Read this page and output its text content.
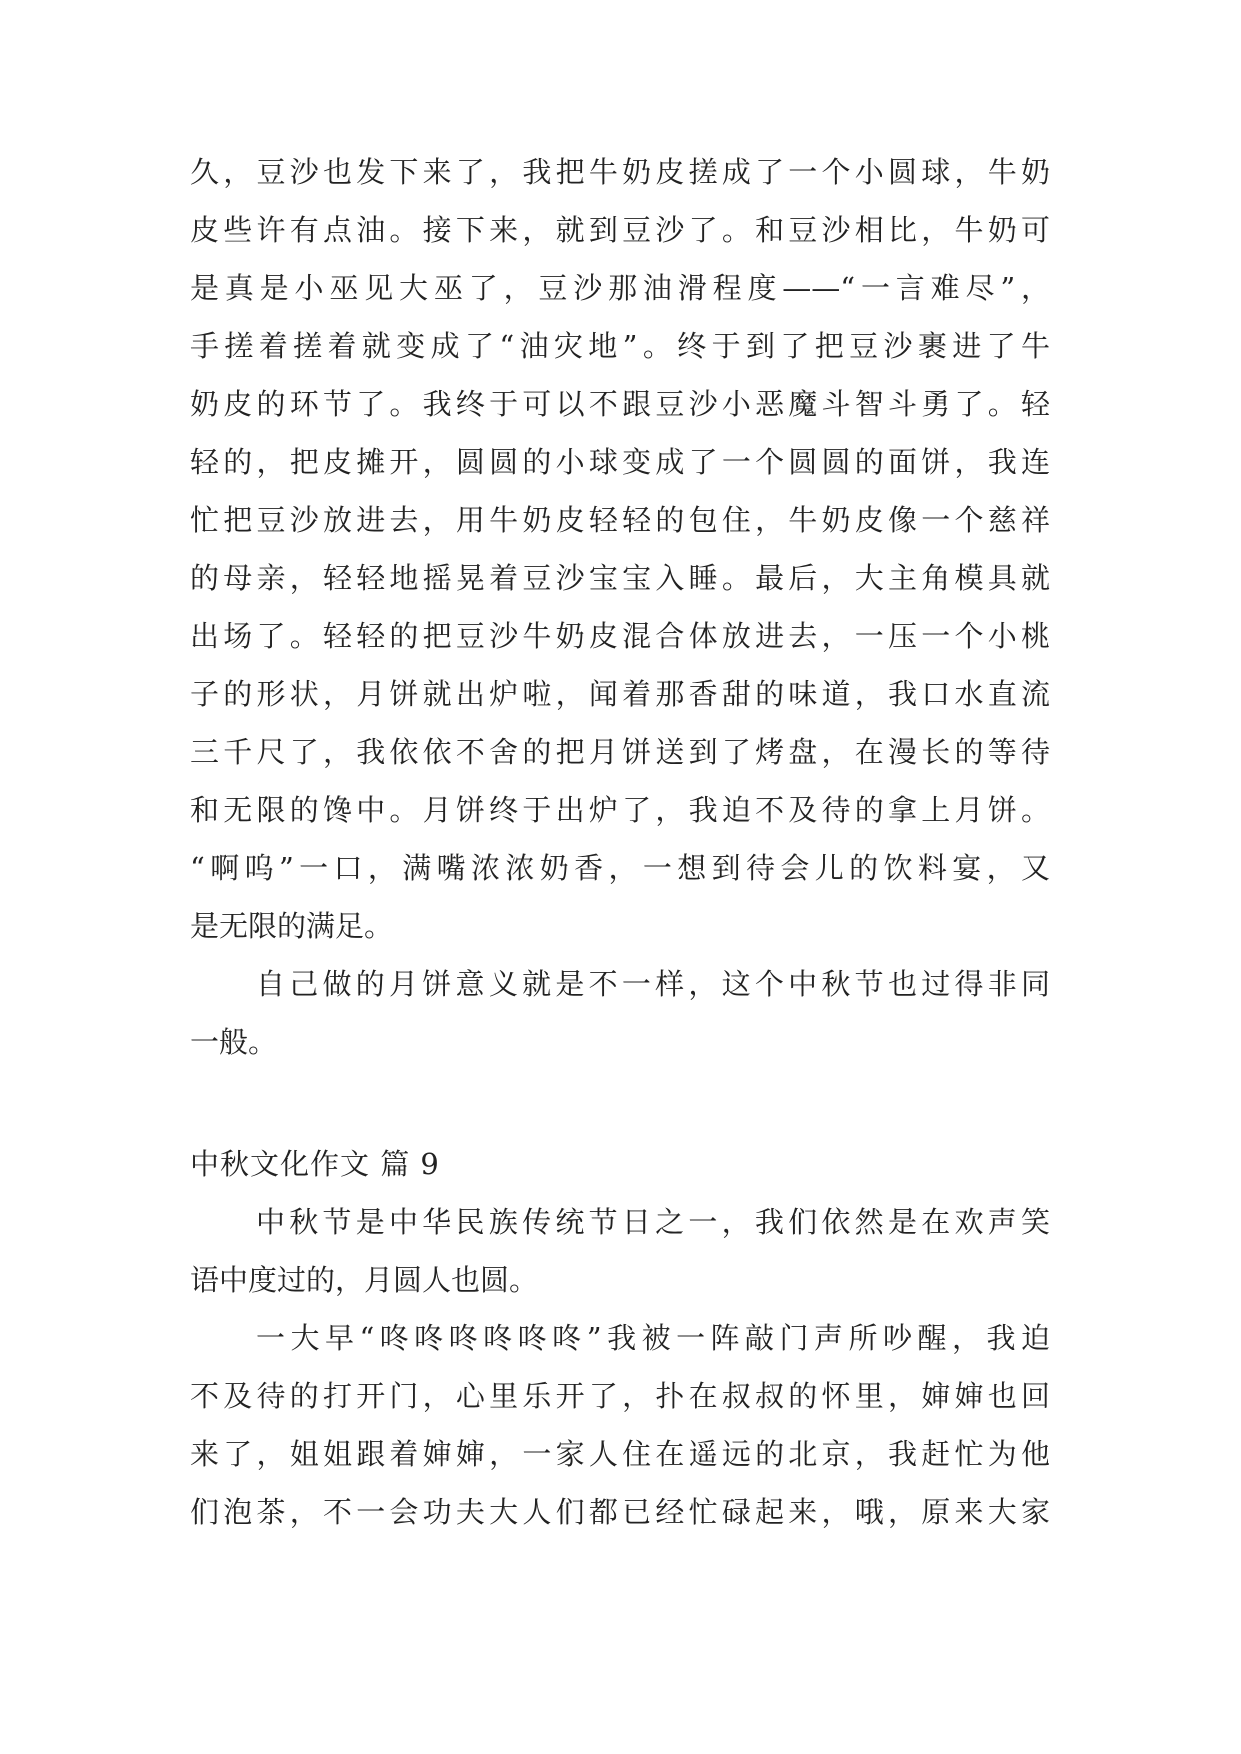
久，豆沙也发下来了，我把牛奶皮搓成了一个小圆球，牛奶
皮些许有点油。接下来，就到豆沙了。和豆沙相比，牛奶可
是真是小巫见大巫了，豆沙那油滑程度——“一言难尽”，
手搓着搓着就变成了“油灾地”。终于到了把豆沙裹进了牛
奶皮的环节了。我终于可以不跟豆沙小恶魔斗智斗勇了。轻
轻的，把皮摊开，圆圆的小球变成了一个圆圆的面饼，我连
忙把豆沙放进去，用牛奶皮轻轻的包住，牛奶皮像一个慈祥
的母亲，轻轻地摇晃着豆沙宝宝入睡。最后，大主角模具就
出场了。轻轻的把豆沙牛奶皮混合体放进去，一压一个小桃
子的形状，月饼就出炉啦，闻着那香甜的味道，我口水直流
三千尺了，我依依不舍的把月饼送到了烤盘，在漫长的等待
和无限的馋中。月饼终于出炉了，我迫不及待的拿上月饼。
“啊呜”一口，满嘴浓浓奶香，一想到待会儿的饮料宴，又
是无限的满足。
自己做的月饼意义就是不一样，这个中秋节也过得非同
一般。
中秋文化作文 篇 9
中秋节是中华民族传统节日之一，我们依然是在欢声笑
语中度过的，月圆人也圆。
一大早“咚咚咚咚咚咚”我被一阵敲门声所吵醒，我迫
不及待的打开门，心里乐开了，扑在叔叔的怀里，婶婶也回
来了，姐姐跟着婶婶，一家人住在遥远的北京，我赶忙为他
们泡茶，不一会功夫大人们都已经忙碌起来，哦，原来大家
